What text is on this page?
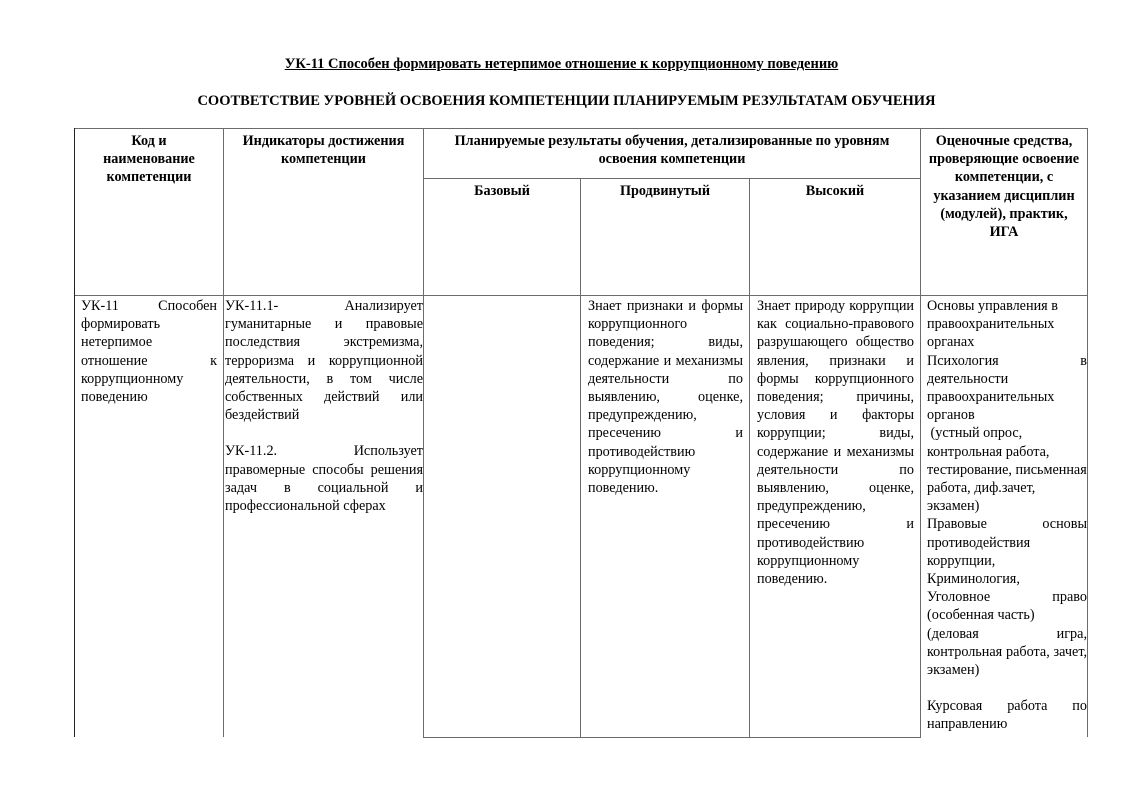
УК-11 Способен формировать нетерпимое отношение к коррупционному поведению
СООТВЕТСТВИЕ УРОВНЕЙ ОСВОЕНИЯ КОМПЕТЕНЦИИ ПЛАНИРУЕМЫМ РЕЗУЛЬТАТАМ ОБУЧЕНИЯ
Код и наименование компетенции
Индикаторы достижения компетенции
Планируемые результаты обучения, детализированные по уровням освоения компетенции
Базовый	Продвинутый	Высокий
Оценочные средства, проверяющие освоение компетенции, с указанием дисциплин (модулей), практик, ИГА

УК-11 Способен формировать нетерпимое отношение к коррупционному поведению

УК-11.1- Анализирует гуманитарные и правовые последствия экстремизма, терроризма и коррупционной деятельности, в том числе собственных действий или бездействий

УК-11.2. Использует правомерные способы решения задач в социальной и профессиональной сферах

Знает признаки и формы коррупционного поведения; виды, содержание и механизмы деятельности по выявлению, оценке, предупреждению, пресечению и противодействию коррупционному поведению.

Знает природу коррупции как социально-правового разрушающего общество явления, признаки и формы коррупционного поведения; причины, условия и факторы коррупции; виды, содержание и механизмы деятельности по выявлению, оценке, предупреждению, пресечению и противодействию коррупционному поведению.

Основы управления в правоохранительных органах

Психология в деятельности правоохранительных органов

(устный опрос, контрольная работа, тестирование, письменная работа, диф.зачет, экзамен)

Правовые основы противодействия коррупции,

Криминология,

Уголовное право (особенная часть)

(деловая игра, контрольная работа, зачет, экзамен)

Курсовая работа по направлению
